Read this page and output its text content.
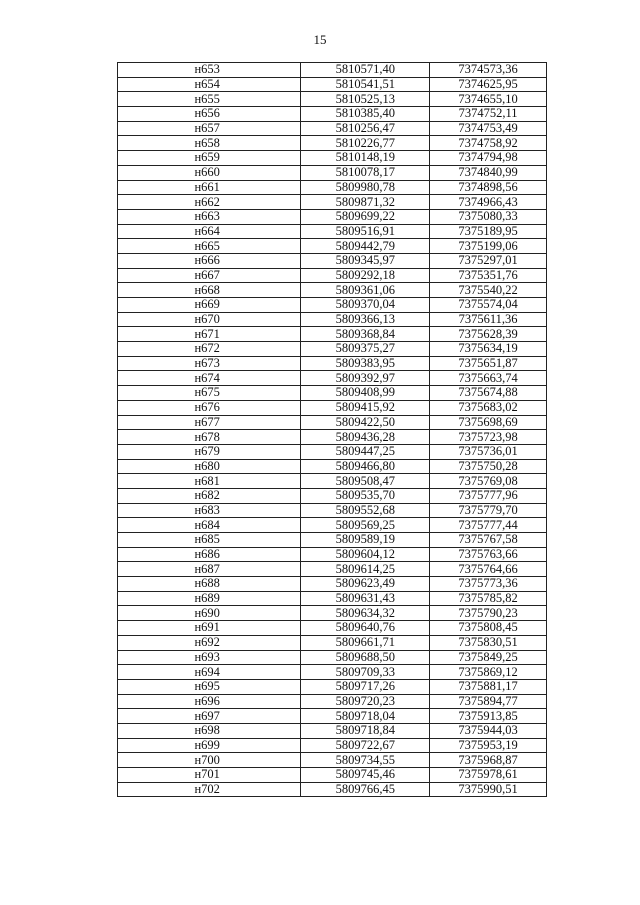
15
н653	5810571,40	7374573,36
н654	5810541,51	7374625,95
н655	5810525,13	7374655,10
н656	5810385,40	7374752,11
н657	5810256,47	7374753,49
н658	5810226,77	7374758,92
н659	5810148,19	7374794,98
н660	5810078,17	7374840,99
н661	5809980,78	7374898,56
н662	5809871,32	7374966,43
н663	5809699,22	7375080,33
н664	5809516,91	7375189,95
н665	5809442,79	7375199,06
н666	5809345,97	7375297,01
н667	5809292,18	7375351,76
н668	5809361,06	7375540,22
н669	5809370,04	7375574,04
н670	5809366,13	7375611,36
н671	5809368,84	7375628,39
н672	5809375,27	7375634,19
н673	5809383,95	7375651,87
н674	5809392,97	7375663,74
н675	5809408,99	7375674,88
н676	5809415,92	7375683,02
н677	5809422,50	7375698,69
н678	5809436,28	7375723,98
н679	5809447,25	7375736,01
н680	5809466,80	7375750,28
н681	5809508,47	7375769,08
н682	5809535,70	7375777,96
н683	5809552,68	7375779,70
н684	5809569,25	7375777,44
н685	5809589,19	7375767,58
н686	5809604,12	7375763,66
н687	5809614,25	7375764,66
н688	5809623,49	7375773,36
н689	5809631,43	7375785,82
н690	5809634,32	7375790,23
н691	5809640,76	7375808,45
н692	5809661,71	7375830,51
н693	5809688,50	7375849,25
н694	5809709,33	7375869,12
н695	5809717,26	7375881,17
н696	5809720,23	7375894,77
н697	5809718,04	7375913,85
н698	5809718,84	7375944,03
н699	5809722,67	7375953,19
н700	5809734,55	7375968,87
н701	5809745,46	7375978,61
н702	5809766,45	7375990,51
